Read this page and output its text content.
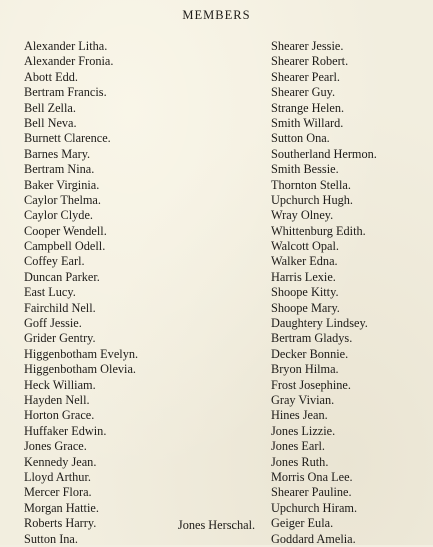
MEMBERS
Alexander Litha.
Alexander Fronia.
Abott Edd.
Bertram Francis.
Bell Zella.
Bell Neva.
Burnett Clarence.
Barnes Mary.
Bertram Nina.
Baker Virginia.
Caylor Thelma.
Caylor Clyde.
Cooper Wendell.
Campbell Odell.
Coffey Earl.
Duncan Parker.
East Lucy.
Fairchild Nell.
Goff Jessie.
Grider Gentry.
Higgenbotham Evelyn.
Higgenbotham Olevia.
Heck William.
Hayden Nell.
Horton Grace.
Huffaker Edwin.
Jones Grace.
Kennedy Jean.
Lloyd Arthur.
Mercer Flora.
Morgan Hattie.
Roberts Harry.
Sutton Ina.
Shearer Jessie.
Shearer Robert.
Shearer Pearl.
Shearer Guy.
Strange Helen.
Smith Willard.
Sutton Ona.
Southerland Hermon.
Smith Bessie.
Thornton Stella.
Upchurch Hugh.
Wray Olney.
Whittenburg Edith.
Walcott Opal.
Walker Edna.
Harris Lexie.
Shoope Kitty.
Shoope Mary.
Daughtery Lindsey.
Bertram Gladys.
Decker Bonnie.
Bryon Hilma.
Frost Josephine.
Gray Vivian.
Hines Jean.
Jones Lizzie.
Jones Earl.
Jones Ruth.
Morris Ona Lee.
Shearer Pauline.
Upchurch Hiram.
Geiger Eula.
Goddard Amelia.

Jones Herschal.
